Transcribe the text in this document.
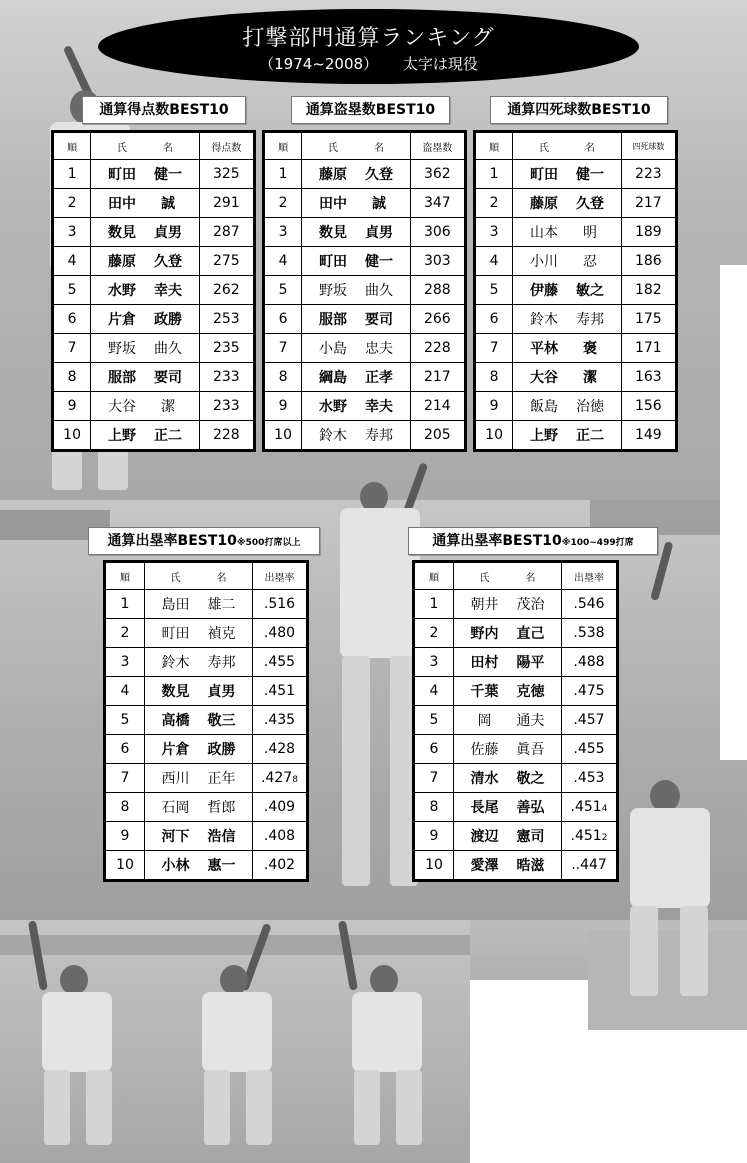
打撃部門通算ランキング
（1974~2008） 太字は現役
通算得点数BEST10	通算盗塁数BEST10	通算四死球数BEST10
通算出塁率BEST10※500打席以上	通算出塁率BEST10※100~499打席
順	氏 名	得点数
1	町田 健一	325
2	田中 誠	291
3	数見 貞男	287
4	藤原 久登	275
5	水野 幸夫	262
6	片倉 政勝	253
7	野坂 曲久	235
8	服部 要司	233
9	大谷 潔	233
10	上野 正二	228
順	氏 名	盗塁数
1	藤原 久登	362
2	田中 誠	347
3	数見 貞男	306
4	町田 健一	303
5	野坂 曲久	288
6	服部 要司	266
7	小島 忠夫	228
8	綱島 正孝	217
9	水野 幸夫	214
10	鈴木 寿邦	205
順	氏 名	四死球数
1	町田 健一	223
2	藤原 久登	217
3	山本 明	189
4	小川 忍	186
5	伊藤 敏之	182
6	鈴木 寿邦	175
7	平林 褒	171
8	大谷 潔	163
9	飯島 治徳	156
10	上野 正二	149
順	氏 名	出塁率
1	島田 雄二	.516
2	町田 禎克	.480
3	鈴木 寿邦	.455
4	数見 貞男	.451
5	高橋 敬三	.435
6	片倉 政勝	.428
7	西川 正年	.4278
8	石岡 哲郎	.409
9	河下 浩信	.408
10	小林 惠一	.402
順	氏 名	出塁率
1	朝井 茂治	.546
2	野内 直己	.538
3	田村 陽平	.488
4	千葉 克徳	.475
5	岡 通夫	.457
6	佐藤 眞吾	.455
7	清水 敬之	.453
8	長尾 善弘	.4514
9	渡辺 憲司	.4512
10	愛澤 晧滋	..447
